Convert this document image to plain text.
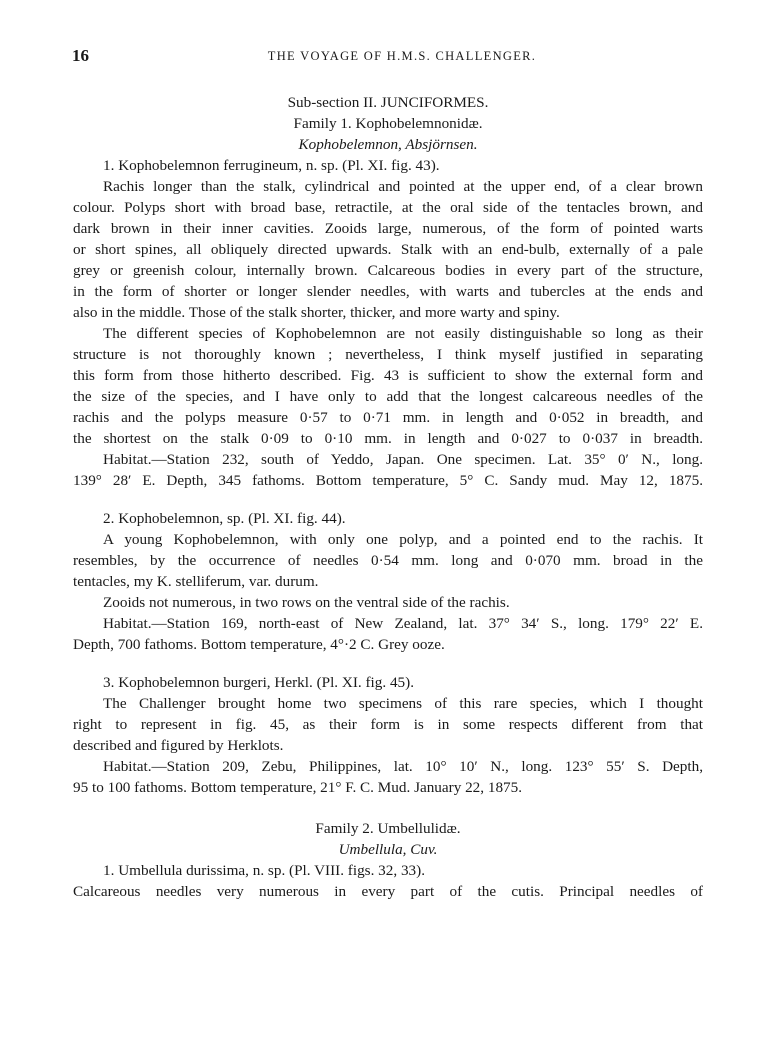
16	THE VOYAGE OF H.M.S. CHALLENGER.
Sub-section II. JUNCIFORMES.
Family 1. Kophobelemnonidæ.
Kophobelemnon, Absjörnsen.
1. Kophobelemnon ferrugineum, n. sp. (Pl. XI. fig. 43).
Rachis longer than the stalk, cylindrical and pointed at the upper end, of a clear brown
colour. Polyps short with broad base, retractile, at the oral side of the tentacles brown, and
dark brown in their inner cavities. Zooids large, numerous, of the form of pointed warts
or short spines, all obliquely directed upwards. Stalk with an end-bulb, externally of a pale
grey or greenish colour, internally brown. Calcareous bodies in every part of the structure,
in the form of shorter or longer slender needles, with warts and tubercles at the ends and
also in the middle. Those of the stalk shorter, thicker, and more warty and spiny.
The different species of Kophobelemnon are not easily distinguishable so long as their
structure is not thoroughly known ; nevertheless, I think myself justified in separating
this form from those hitherto described. Fig. 43 is sufficient to show the external form and
the size of the species, and I have only to add that the longest calcareous needles of the
rachis and the polyps measure 0·57 to 0·71 mm. in length and 0·052 in breadth, and
the shortest on the stalk 0·09 to 0·10 mm. in length and 0·027 to 0·037 in breadth.
Habitat.—Station 232, south of Yeddo, Japan. One specimen. Lat. 35° 0′ N., long.
139° 28′ E. Depth, 345 fathoms. Bottom temperature, 5° C. Sandy mud. May 12, 1875.
2. Kophobelemnon, sp. (Pl. XI. fig. 44).
A young Kophobelemnon, with only one polyp, and a pointed end to the rachis. It
resembles, by the occurrence of needles 0·54 mm. long and 0·070 mm. broad in the
tentacles, my K. stelliferum, var. durum.
Zooids not numerous, in two rows on the ventral side of the rachis.
Habitat.—Station 169, north-east of New Zealand, lat. 37° 34′ S., long. 179° 22′ E.
Depth, 700 fathoms. Bottom temperature, 4°·2 C. Grey ooze.
3. Kophobelemnon burgeri, Herkl. (Pl. XI. fig. 45).
The Challenger brought home two specimens of this rare species, which I thought
right to represent in fig. 45, as their form is in some respects different from that
described and figured by Herklots.
Habitat.—Station 209, Zebu, Philippines, lat. 10° 10′ N., long. 123° 55′ S. Depth,
95 to 100 fathoms. Bottom temperature, 21° F. C. Mud. January 22, 1875.
Family 2. Umbellulidæ.
Umbellula, Cuv.
1. Umbellula durissima, n. sp. (Pl. VIII. figs. 32, 33).
Calcareous needles very numerous in every part of the cutis. Principal needles of
